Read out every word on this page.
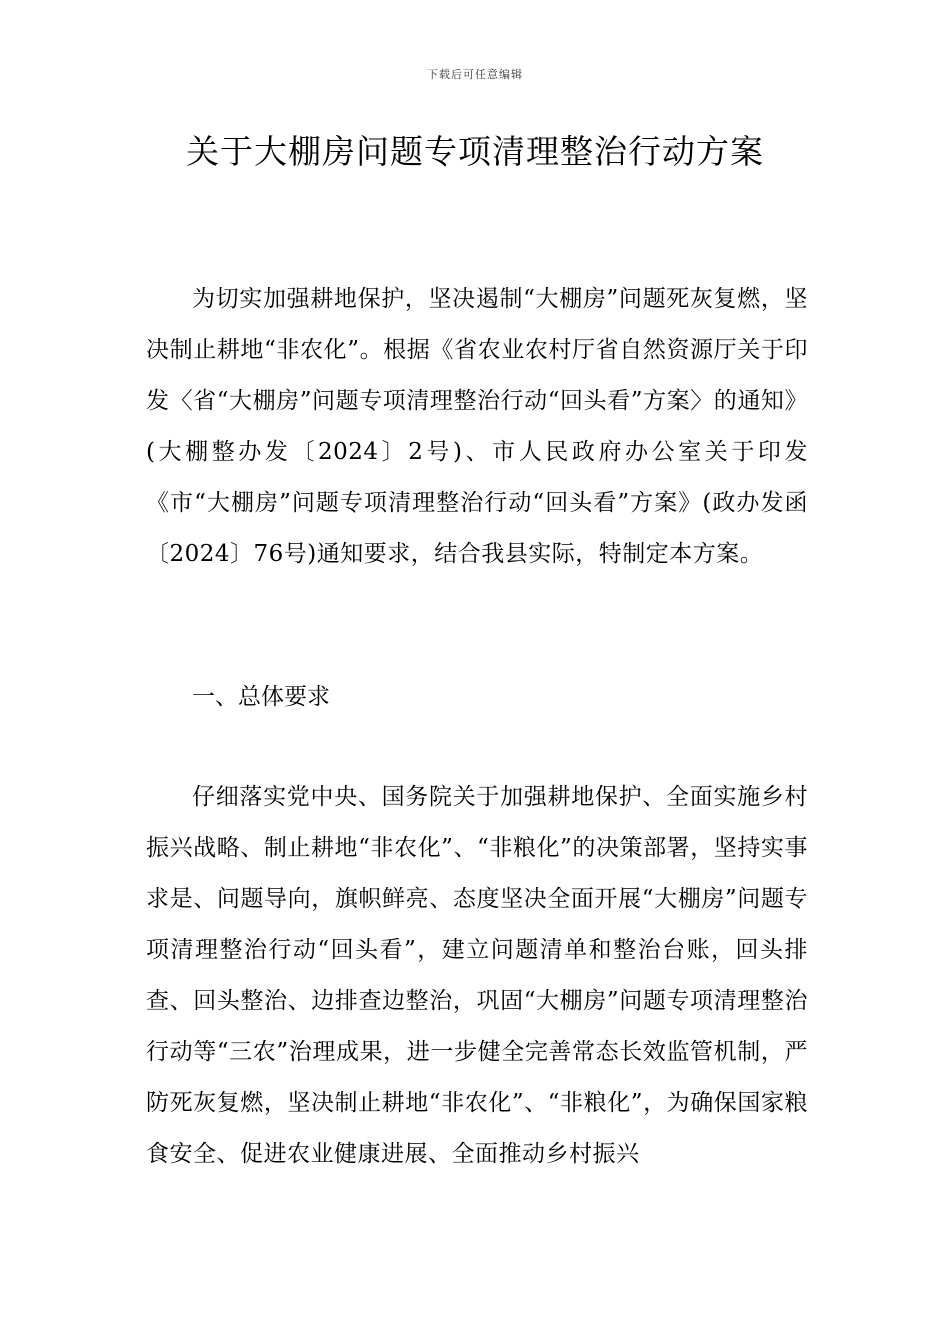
下载后可任意编辑
关于大棚房问题专项清理整治行动方案

为切实加强耕地保护，坚决遏制“大棚房”问题死灰复燃，坚决制止耕地“非农化”。根据《省农业农村厅省自然资源厅关于印发〈省“大棚房”问题专项清理整治行动“回头看”方案〉的通知》(大棚整办发〔2024〕2号)、市人民政府办公室关于印发《市“大棚房”问题专项清理整治行动“回头看”方案》(政办发函〔2024〕76号)通知要求，结合我县实际，特制定本方案。

一、总体要求

仔细落实党中央、国务院关于加强耕地保护、全面实施乡村振兴战略、制止耕地“非农化”、“非粮化”的决策部署，坚持实事求是、问题导向，旗帜鲜亮、态度坚决全面开展“大棚房”问题专项清理整治行动“回头看”，建立问题清单和整治台账，回头排查、回头整治、边排查边整治，巩固“大棚房”问题专项清理整治行动等“三农”治理成果，进一步健全完善常态长效监管机制，严防死灰复燃，坚决制止耕地“非农化”、“非粮化”，为确保国家粮食安全、促进农业健康进展、全面推动乡村振兴
